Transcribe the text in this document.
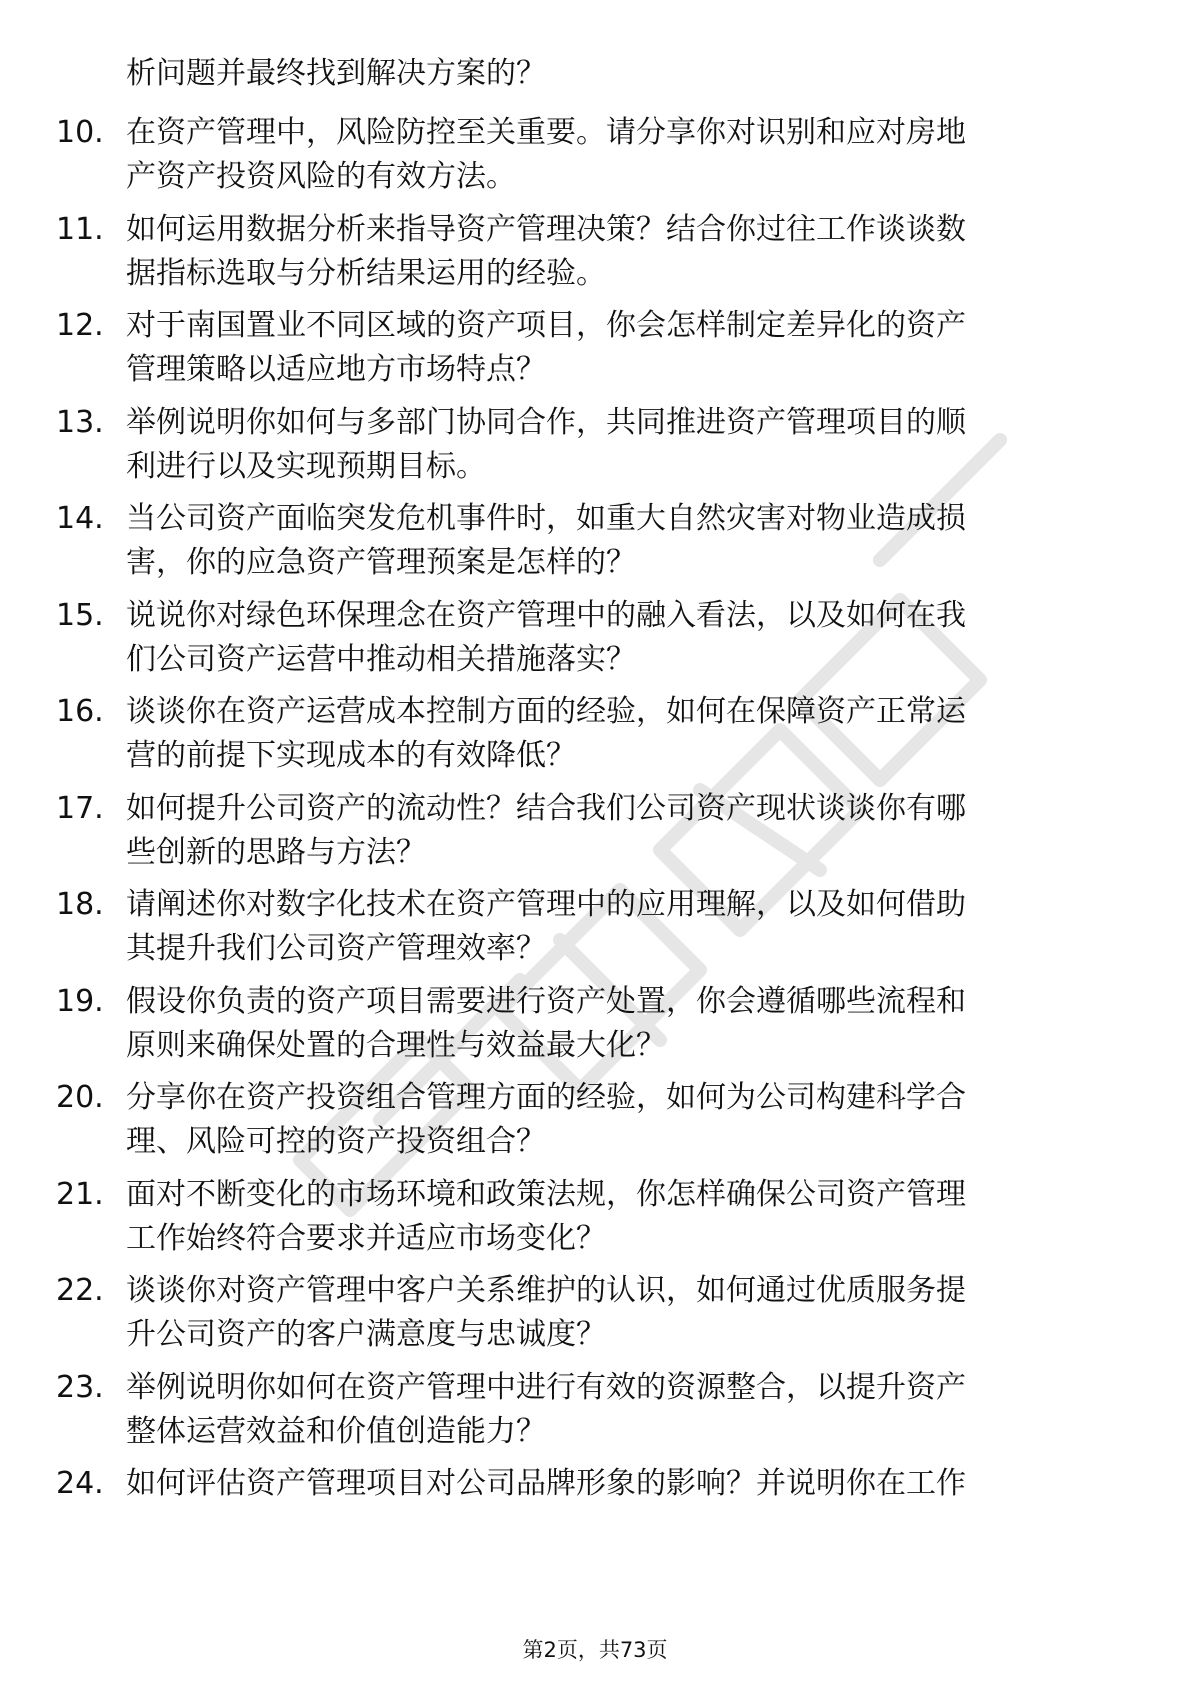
析问题并最终找到解决方案的？
10. 在资产管理中，风险防控至关重要。请分享你对识别和应对房地
产资产投资风险的有效方法。
11. 如何运用数据分析来指导资产管理决策？结合你过往工作谈谈数
据指标选取与分析结果运用的经验。
12. 对于南国置业不同区域的资产项目，你会怎样制定差异化的资产
管理策略以适应地方市场特点？
13. 举例说明你如何与多部门协同合作，共同推进资产管理项目的顺
利进行以及实现预期目标。
14. 当公司资产面临突发危机事件时，如重大自然灾害对物业造成损
害，你的应急资产管理预案是怎样的？
15. 说说你对绿色环保理念在资产管理中的融入看法，以及如何在我
们公司资产运营中推动相关措施落实？
16. 谈谈你在资产运营成本控制方面的经验，如何在保障资产正常运
营的前提下实现成本的有效降低？
17. 如何提升公司资产的流动性？结合我们公司资产现状谈谈你有哪
些创新的思路与方法？
18. 请阐述你对数字化技术在资产管理中的应用理解，以及如何借助
其提升我们公司资产管理效率？
19. 假设你负责的资产项目需要进行资产处置，你会遵循哪些流程和
原则来确保处置的合理性与效益最大化？
20. 分享你在资产投资组合管理方面的经验，如何为公司构建科学合
理、风险可控的资产投资组合？
21. 面对不断变化的市场环境和政策法规，你怎样确保公司资产管理
工作始终符合要求并适应市场变化？
22. 谈谈你对资产管理中客户关系维护的认识，如何通过优质服务提
升公司资产的客户满意度与忠诚度？
23. 举例说明你如何在资产管理中进行有效的资源整合，以提升资产
整体运营效益和价值创造能力？
24. 如何评估资产管理项目对公司品牌形象的影响？并说明你在工作
第2页，共73页
